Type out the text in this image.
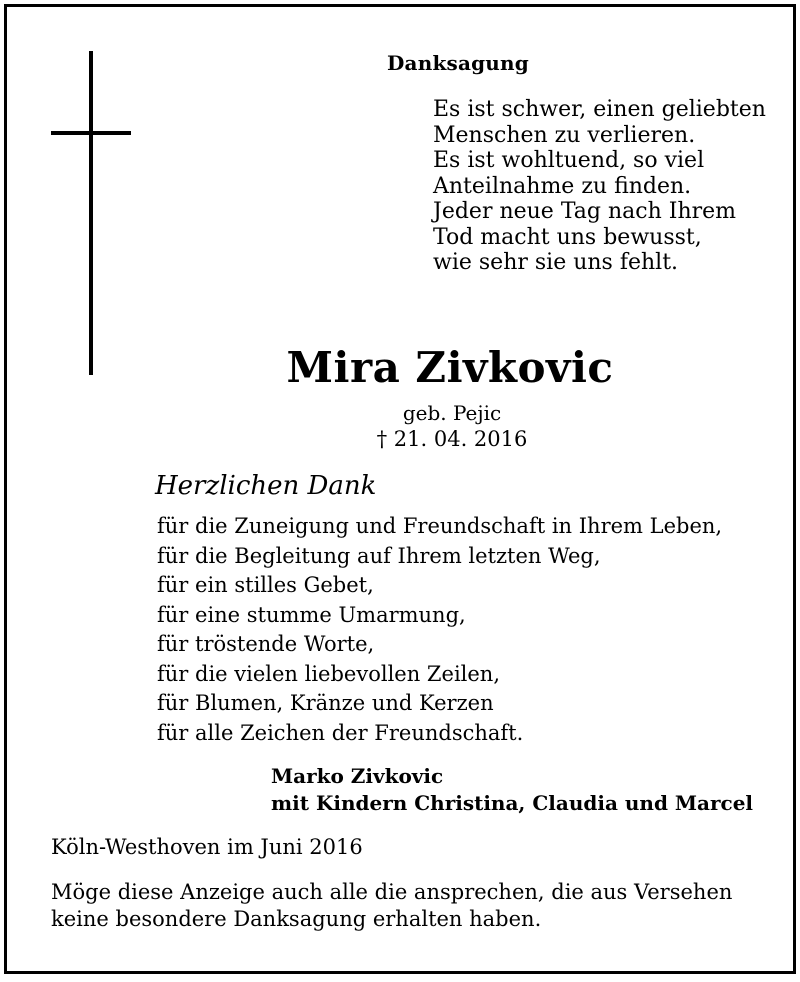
Danksagung
Es ist schwer, einen geliebten
Menschen zu verlieren.
Es ist wohltuend, so viel
Anteilnahme zu finden.
Jeder neue Tag nach Ihrem
Tod macht uns bewusst,
wie sehr sie uns fehlt.
Mira Zivkovic
geb. Pejic
† 21. 04. 2016
Herzlichen Dank
für die Zuneigung und Freundschaft in Ihrem Leben,
für die Begleitung auf Ihrem letzten Weg,
für ein stilles Gebet,
für eine stumme Umarmung,
für tröstende Worte,
für die vielen liebevollen Zeilen,
für Blumen, Kränze und Kerzen
für alle Zeichen der Freundschaft.
Marko Zivkovic
mit Kindern Christina, Claudia und Marcel
Köln-Westhoven im Juni 2016
Möge diese Anzeige auch alle die ansprechen, die aus Versehen
keine besondere Danksagung erhalten haben.
